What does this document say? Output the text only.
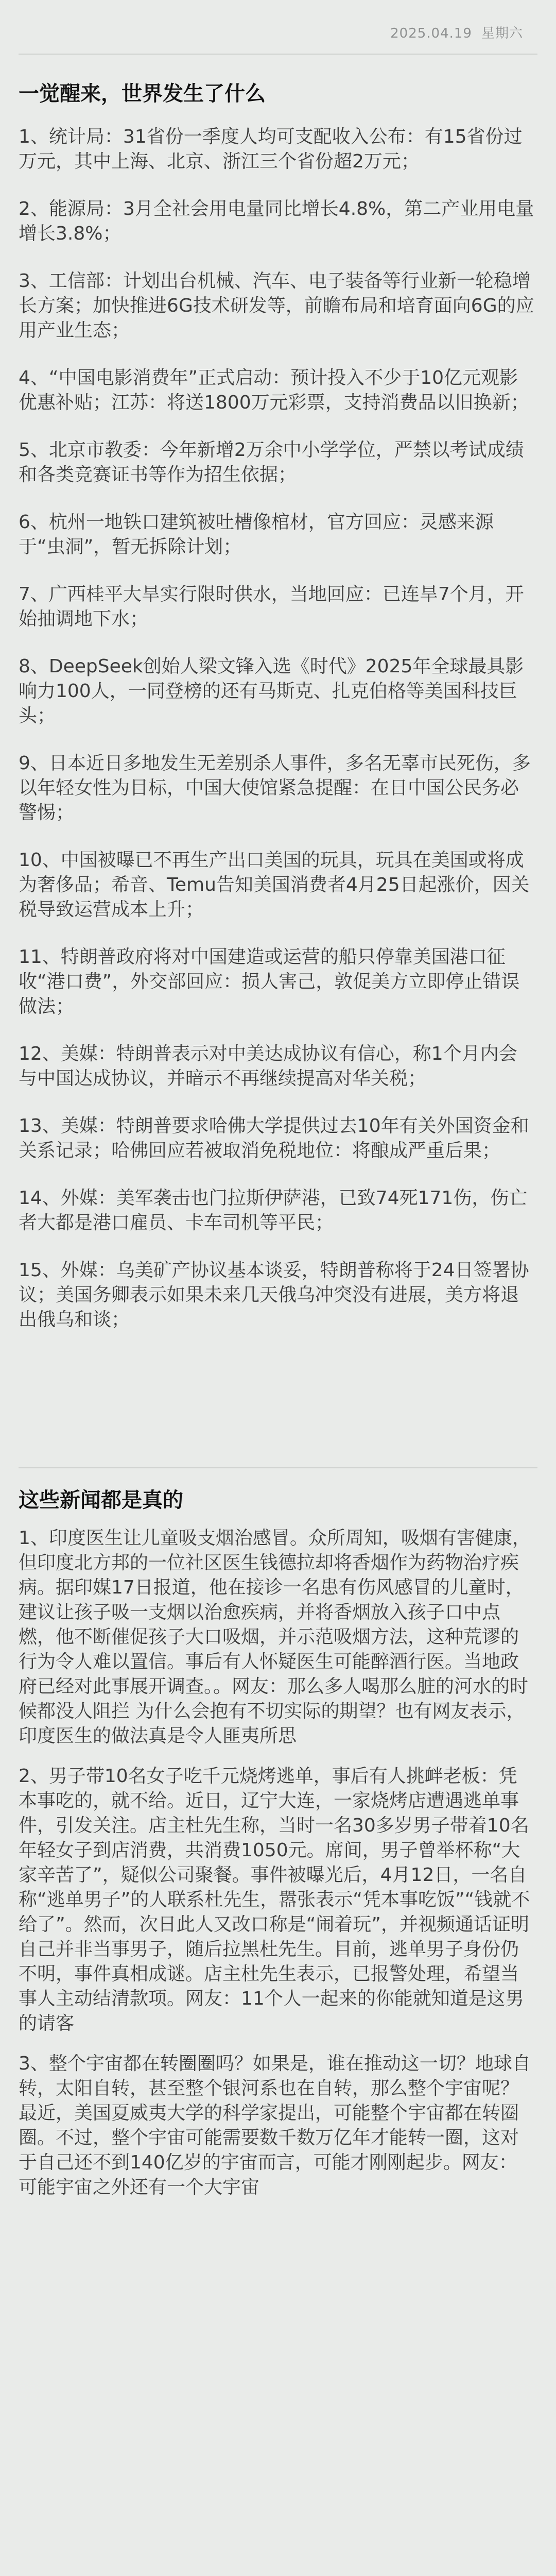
2025.04.19 星期六
一觉醒来，世界发生了什么

1、统计局：31省份一季度人均可支配收入公布：有15省份过万元，其中上海、北京、浙江三个省份超2万元；

2、能源局：3月全社会用电量同比增长4.8%，第二产业用电量增长3.8%；

3、工信部：计划出台机械、汽车、电子装备等行业新一轮稳增长方案；加快推进6G技术研发等，前瞻布局和培育面向6G的应用产业生态；

4、“中国电影消费年”正式启动：预计投入不少于10亿元观影优惠补贴；江苏：将送1800万元彩票，支持消费品以旧换新；

5、北京市教委：今年新增2万余中小学学位，严禁以考试成绩和各类竞赛证书等作为招生依据；

6、杭州一地铁口建筑被吐槽像棺材，官方回应：灵感来源于“虫洞”，暂无拆除计划；

7、广西桂平大旱实行限时供水，当地回应：已连旱7个月，开始抽调地下水；

8、DeepSeek创始人梁文锋入选《时代》2025年全球最具影响力100人，一同登榜的还有马斯克、扎克伯格等美国科技巨头；

9、日本近日多地发生无差别杀人事件，多名无辜市民死伤，多以年轻女性为目标，中国大使馆紧急提醒：在日中国公民务必警惕；

10、中国被曝已不再生产出口美国的玩具，玩具在美国或将成为奢侈品；希音、Temu告知美国消费者4月25日起涨价，因关税导致运营成本上升；

11、特朗普政府将对中国建造或运营的船只停靠美国港口征收“港口费”，外交部回应：损人害己，敦促美方立即停止错误做法；

12、美媒：特朗普表示对中美达成协议有信心，称1个月内会与中国达成协议，并暗示不再继续提高对华关税；

13、美媒：特朗普要求哈佛大学提供过去10年有关外国资金和关系记录；哈佛回应若被取消免税地位：将酿成严重后果；

14、外媒：美军袭击也门拉斯伊萨港，已致74死171伤，伤亡者大都是港口雇员、卡车司机等平民；

15、外媒：乌美矿产协议基本谈妥，特朗普称将于24日签署协议；美国务卿表示如果未来几天俄乌冲突没有进展，美方将退出俄乌和谈；

这些新闻都是真的

1、印度医生让儿童吸支烟治感冒。众所周知，吸烟有害健康，但印度北方邦的一位社区医生钱德拉却将香烟作为药物治疗疾病。据印媒17日报道，他在接诊一名患有伤风感冒的儿童时，建议让孩子吸一支烟以治愈疾病，并将香烟放入孩子口中点燃，他不断催促孩子大口吸烟，并示范吸烟方法，这种荒谬的行为令人难以置信。事后有人怀疑医生可能醉酒行医。当地政府已经对此事展开调查。。网友：那么多人喝那么脏的河水的时候都没人阻拦 为什么会抱有不切实际的期望？也有网友表示，印度医生的做法真是令人匪夷所思

2、男子带10名女子吃千元烧烤逃单，事后有人挑衅老板：凭本事吃的，就不给。近日，辽宁大连，一家烧烤店遭遇逃单事件，引发关注。店主杜先生称，当时一名30多岁男子带着10名年轻女子到店消费，共消费1050元。席间，男子曾举杯称“大家辛苦了”，疑似公司聚餐。事件被曝光后，4月12日，一名自称“逃单男子”的人联系杜先生，嚣张表示“凭本事吃饭”“钱就不给了”。然而，次日此人又改口称是“闹着玩”，并视频通话证明自己并非当事男子，随后拉黑杜先生。目前，逃单男子身份仍不明，事件真相成谜。店主杜先生表示，已报警处理，希望当事人主动结清款项。网友：11个人一起来的你能就知道是这男的请客

3、整个宇宙都在转圈圈吗？如果是，谁在推动这一切？地球自转，太阳自转，甚至整个银河系也在自转，那么整个宇宙呢？最近，美国夏威夷大学的科学家提出，可能整个宇宙都在转圈圈。不过，整个宇宙可能需要数千数万亿年才能转一圈，这对于自己还不到140亿岁的宇宙而言，可能才刚刚起步。网友：可能宇宙之外还有一个大宇宙
